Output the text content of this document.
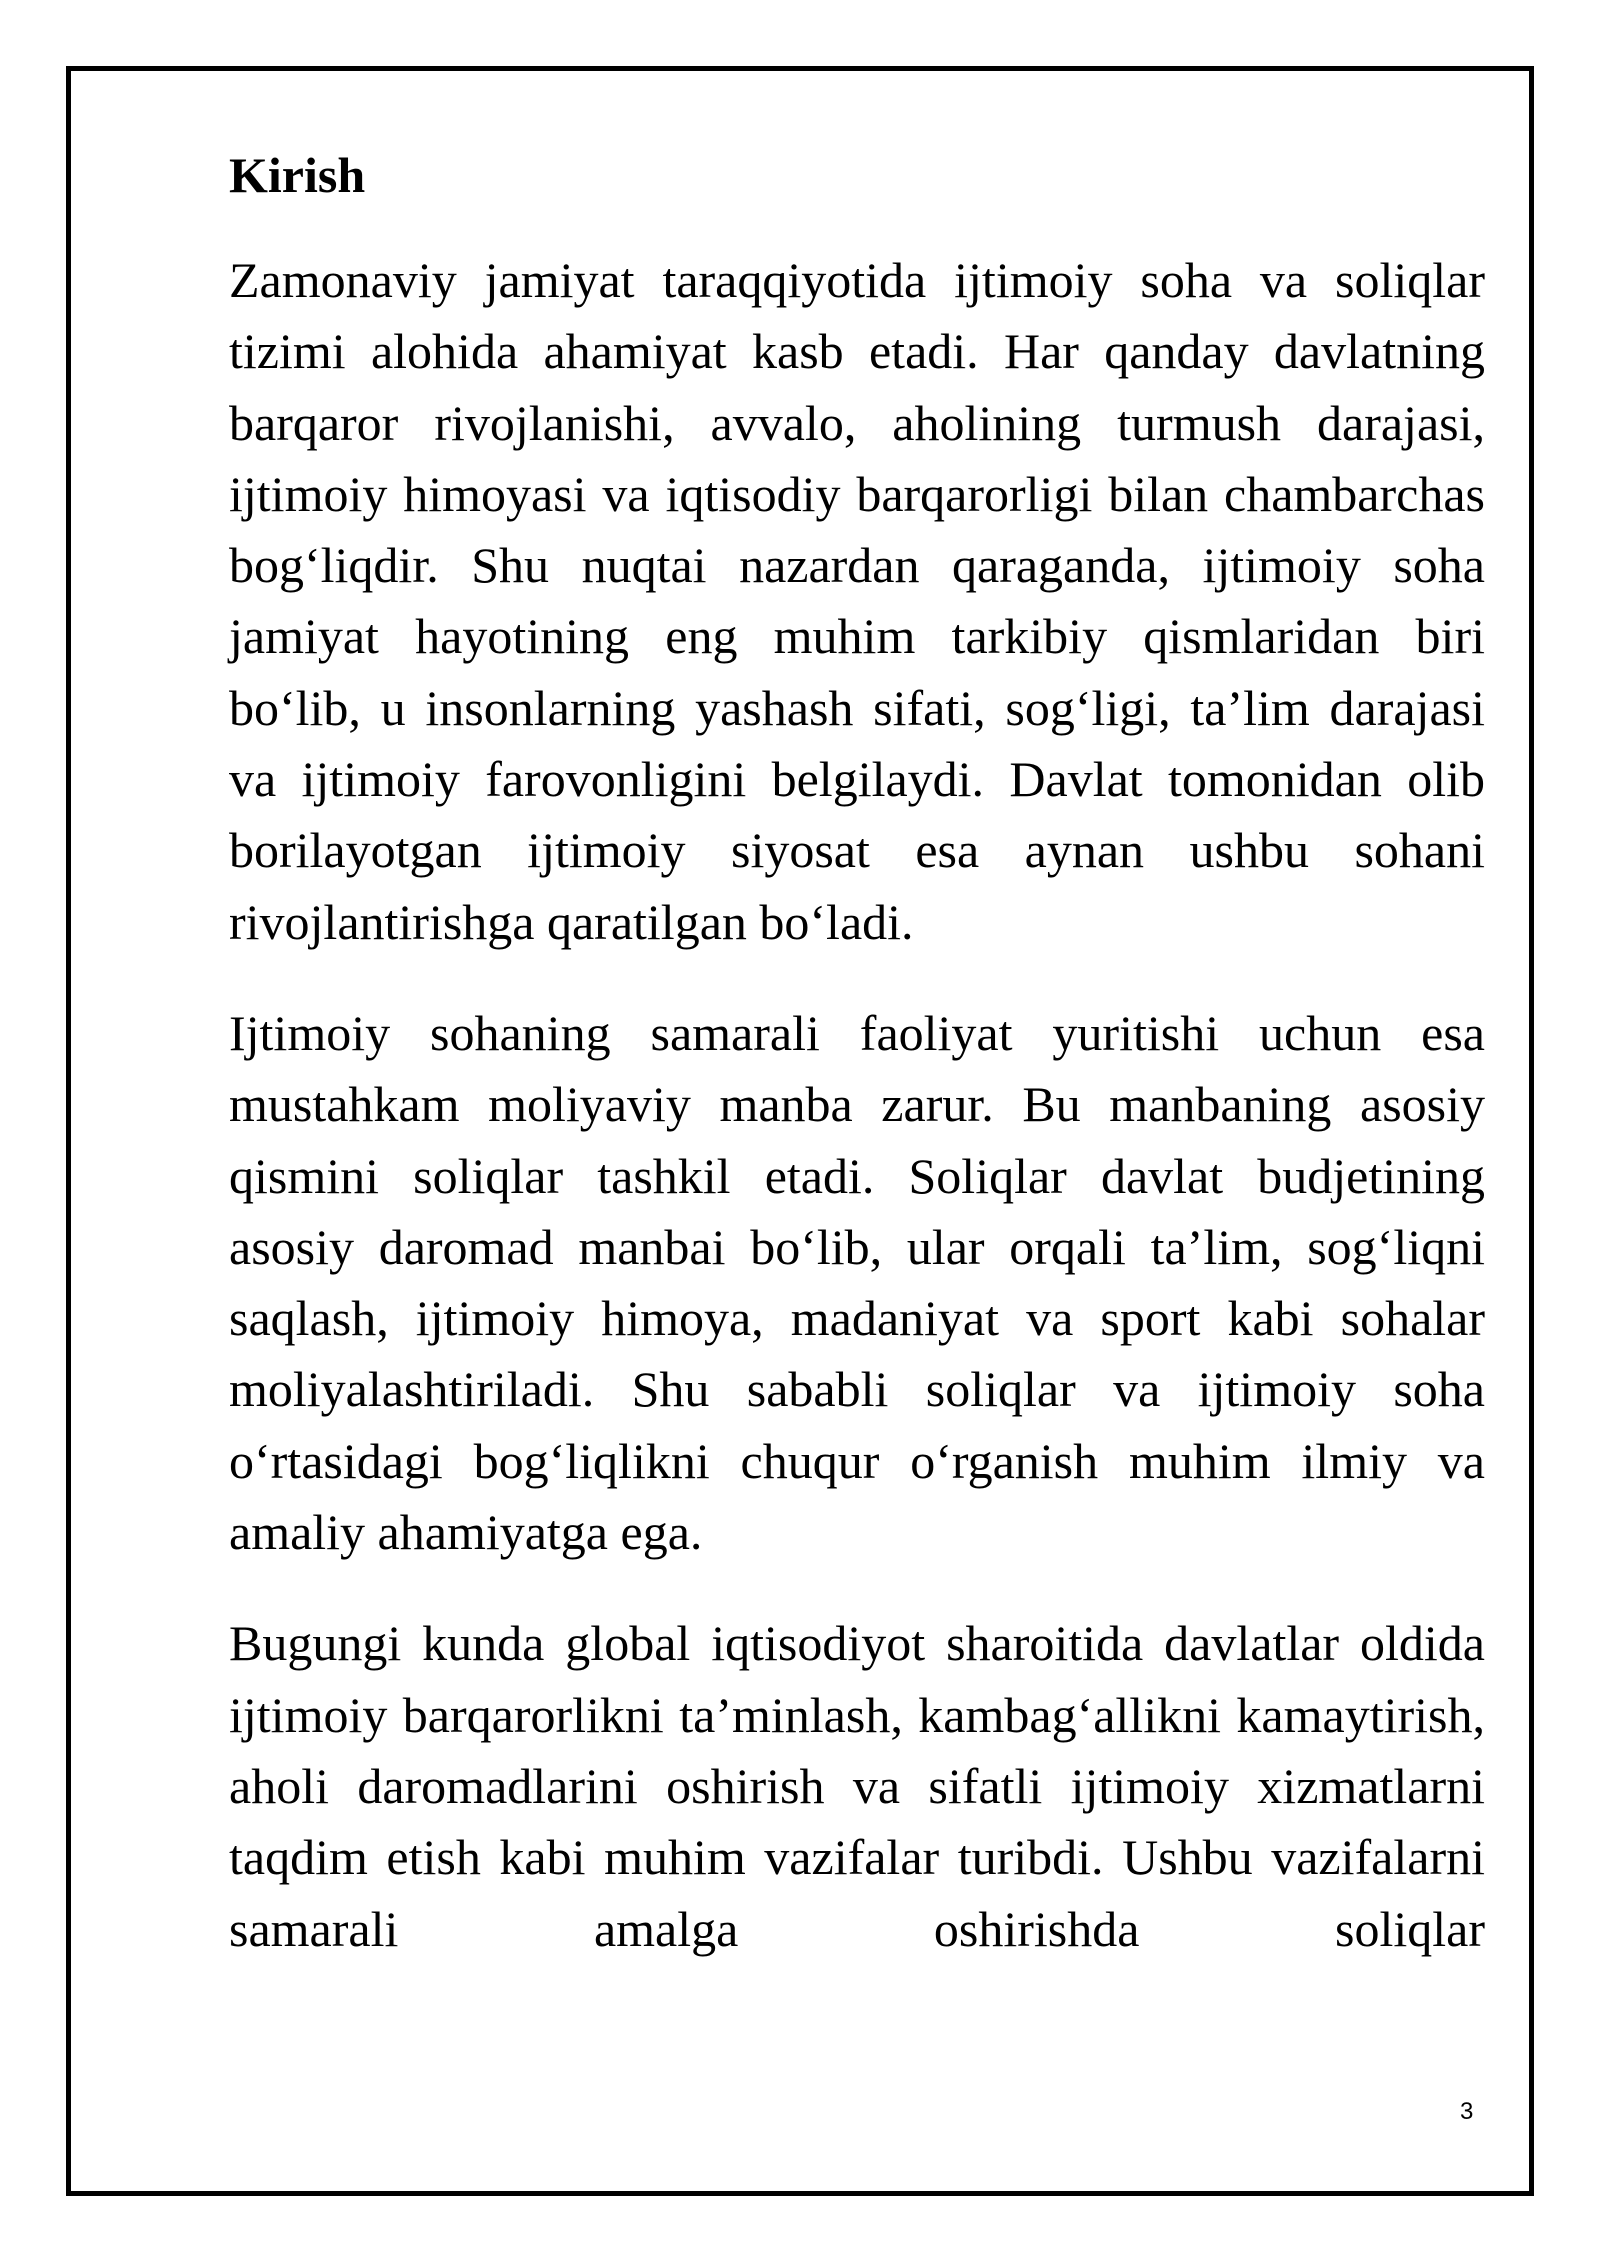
Kirish

Zamonaviy jamiyat taraqqiyotida ijtimoiy soha va soliqlar tizimi alohida ahamiyat kasb etadi. Har qanday davlatning barqaror rivojlanishi, avvalo, aholining turmush darajasi, ijtimoiy himoyasi va iqtisodiy barqarorligi bilan chambarchas bog‘liqdir. Shu nuqtai nazardan qaraganda, ijtimoiy soha jamiyat hayotining eng muhim tarkibiy qismlaridan biri bo‘lib, u insonlarning yashash sifati, sog‘ligi, ta’lim darajasi va ijtimoiy farovonligini belgilaydi. Davlat tomonidan olib borilayotgan ijtimoiy siyosat esa aynan ushbu sohani rivojlantirishga qaratilgan bo‘ladi.

Ijtimoiy sohaning samarali faoliyat yuritishi uchun esa mustahkam moliyaviy manba zarur. Bu manbaning asosiy qismini soliqlar tashkil etadi. Soliqlar davlat budjetining asosiy daromad manbai bo‘lib, ular orqali ta’lim, sog‘liqni saqlash, ijtimoiy himoya, madaniyat va sport kabi sohalar moliyalashtiriladi. Shu sababli soliqlar va ijtimoiy soha o‘rtasidagi bog‘liqlikni chuqur o‘rganish muhim ilmiy va amaliy ahamiyatga ega.

Bugungi kunda global iqtisodiyot sharoitida davlatlar oldida ijtimoiy barqarorlikni ta’minlash, kambag‘allikni kamaytirish, aholi daromadlarini oshirish va sifatli ijtimoiy xizmatlarni taqdim etish kabi muhim vazifalar turibdi. Ushbu vazifalarni samarali amalga oshirishda soliqlar

3
